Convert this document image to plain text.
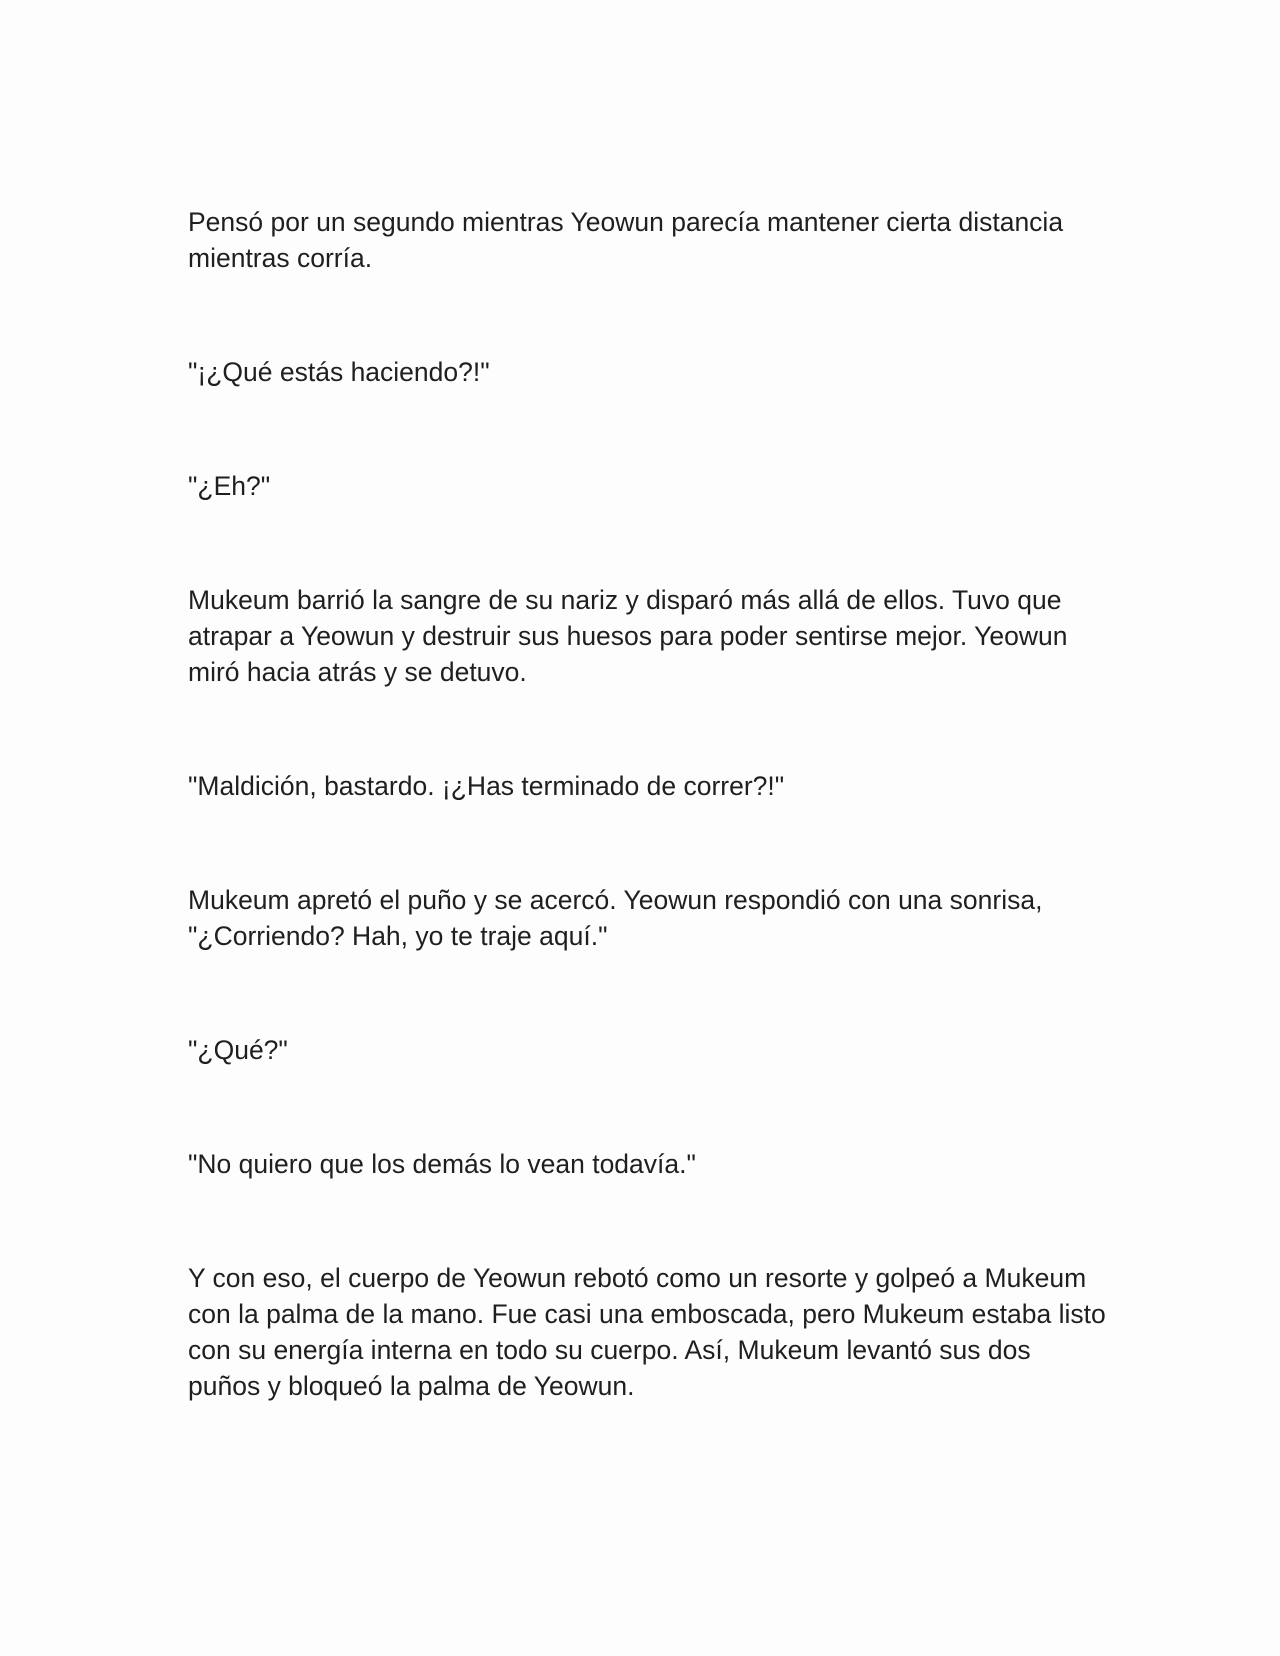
Pensó por un segundo mientras Yeowun parecía mantener cierta distancia mientras corría.

"¡¿Qué estás haciendo?!"

"¿Eh?"

Mukeum barrió la sangre de su nariz y disparó más allá de ellos. Tuvo que atrapar a Yeowun y destruir sus huesos para poder sentirse mejor. Yeowun miró hacia atrás y se detuvo.

"Maldición, bastardo. ¡¿Has terminado de correr?!"

Mukeum apretó el puño y se acercó. Yeowun respondió con una sonrisa, "¿Corriendo? Hah, yo te traje aquí."

"¿Qué?"

"No quiero que los demás lo vean todavía."

Y con eso, el cuerpo de Yeowun rebotó como un resorte y golpeó a Mukeum con la palma de la mano. Fue casi una emboscada, pero Mukeum estaba listo con su energía interna en todo su cuerpo. Así, Mukeum levantó sus dos puños y bloqueó la palma de Yeowun.
